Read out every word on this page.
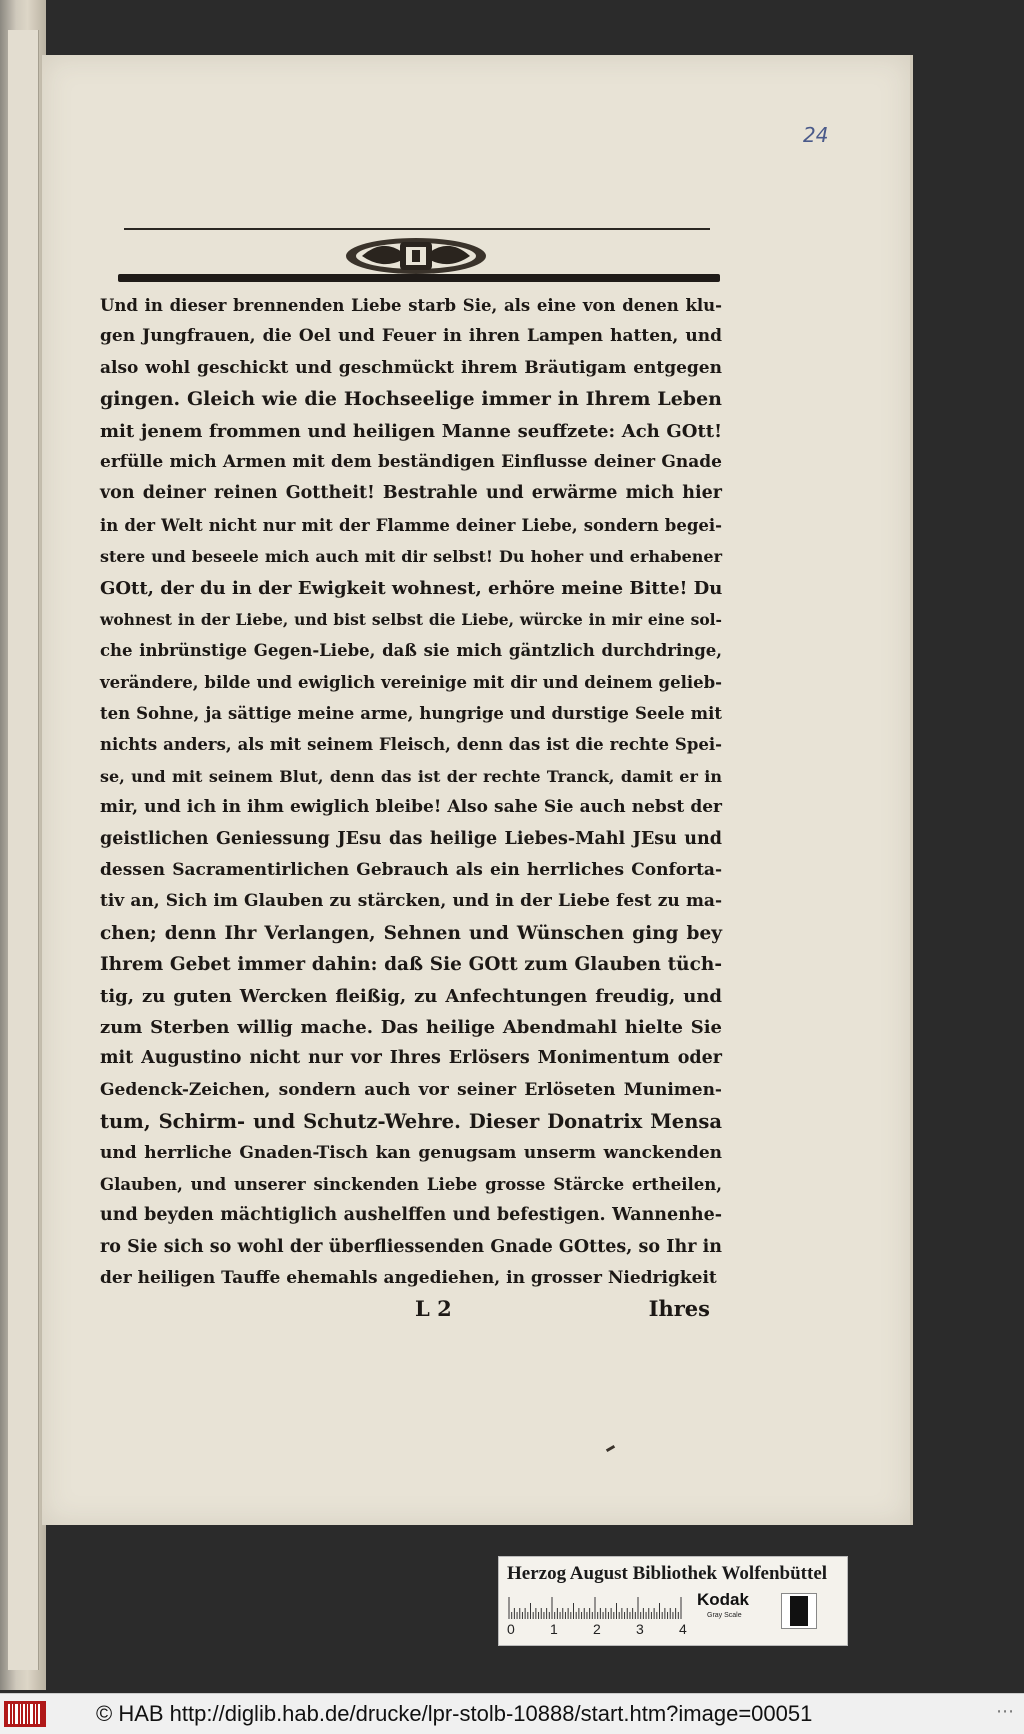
24
Und in dieser brennenden Liebe starb Sie, als eine von denen klu-
gen Jungfrauen, die Oel und Feuer in ihren Lampen hatten, und
also wohl geschickt und geschmückt ihrem Bräutigam entgegen
gingen. Gleich wie die Hochseelige immer in Ihrem Leben
mit jenem frommen und heiligen Manne seuffzete: Ach GOtt!
erfülle mich Armen mit dem beständigen Einflusse deiner Gnade
von deiner reinen Gottheit! Bestrahle und erwärme mich hier
in der Welt nicht nur mit der Flamme deiner Liebe, sondern begei-
stere und beseele mich auch mit dir selbst! Du hoher und erhabener
GOtt, der du in der Ewigkeit wohnest, erhöre meine Bitte! Du
wohnest in der Liebe, und bist selbst die Liebe, würcke in mir eine sol-
che inbrünstige Gegen-Liebe, daß sie mich gäntzlich durchdringe,
verändere, bilde und ewiglich vereinige mit dir und deinem gelieb-
ten Sohne, ja sättige meine arme, hungrige und durstige Seele mit
nichts anders, als mit seinem Fleisch, denn das ist die rechte Spei-
se, und mit seinem Blut, denn das ist der rechte Tranck, damit er in
mir, und ich in ihm ewiglich bleibe! Also sahe Sie auch nebst der
geistlichen Geniessung JEsu das heilige Liebes-Mahl JEsu und
dessen Sacramentirlichen Gebrauch als ein herrliches Conforta-
tiv an, Sich im Glauben zu stärcken, und in der Liebe fest zu ma-
chen; denn Ihr Verlangen, Sehnen und Wünschen ging bey
Ihrem Gebet immer dahin: daß Sie GOtt zum Glauben tüch-
tig, zu guten Wercken fleißig, zu Anfechtungen freudig, und
zum Sterben willig mache. Das heilige Abendmahl hielte Sie
mit Augustino nicht nur vor Ihres Erlösers Monimentum oder
Gedenck-Zeichen, sondern auch vor seiner Erlöseten Munimen-
tum, Schirm- und Schutz-Wehre. Dieser Donatrix Mensa
und herrliche Gnaden-Tisch kan genugsam unserm wanckenden
Glauben, und unserer sinckenden Liebe grosse Stärcke ertheilen,
und beyden mächtiglich aushelffen und befestigen. Wannenhe-
ro Sie sich so wohl der überfliessenden Gnade GOttes, so Ihr in
der heiligen Tauffe ehemahls angediehen, in grosser Niedrigkeit
L 2	Ihres
Herzog August Bibliothek Wolfenbüttel
0	1	2	3	4
Kodak
Gray Scale
© HAB http://diglib.hab.de/drucke/lpr-stolb-10888/start.htm?image=00051	⋯
